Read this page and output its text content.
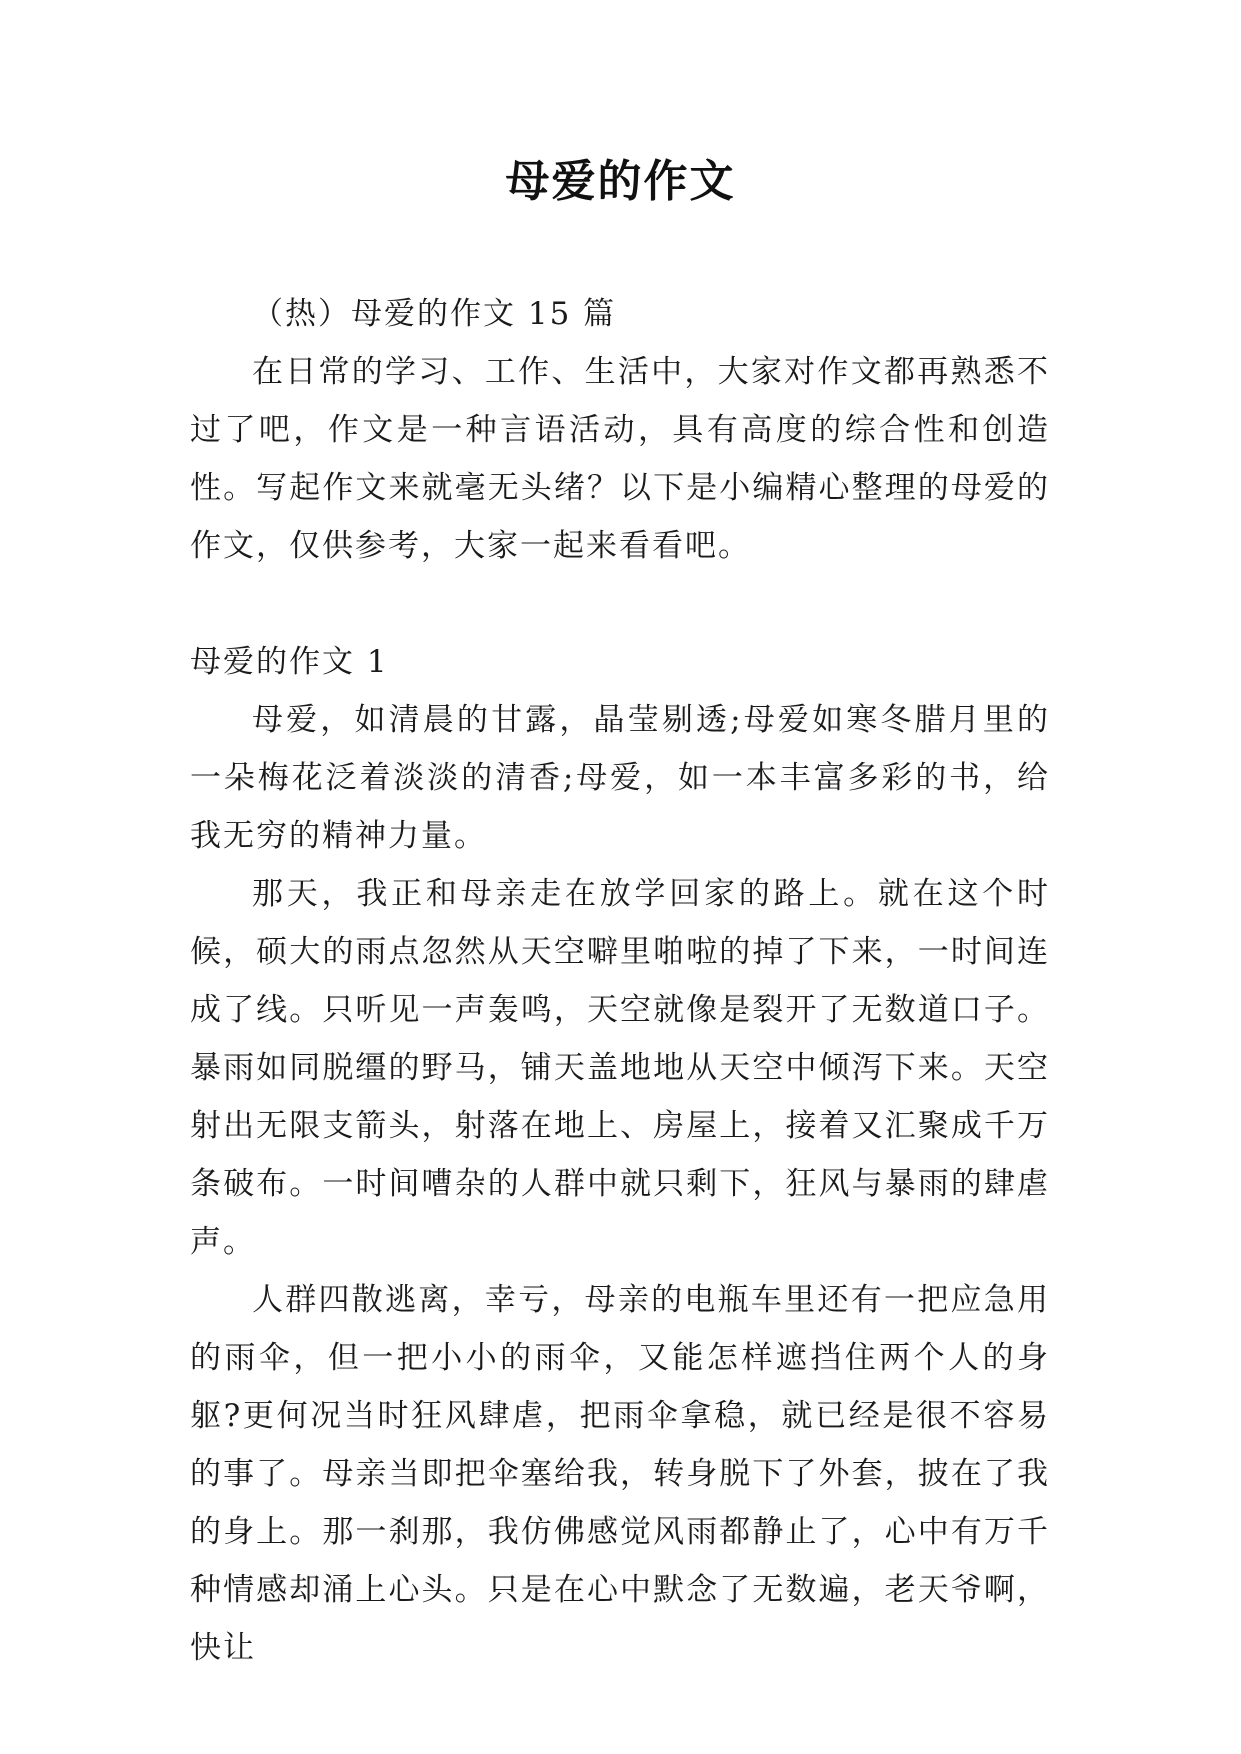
母爱的作文

（热）母爱的作文 15 篇

在日常的学习、工作、生活中，大家对作文都再熟悉不过了吧，作文是一种言语活动，具有高度的综合性和创造性。写起作文来就毫无头绪？以下是小编精心整理的母爱的作文，仅供参考，大家一起来看看吧。

母爱的作文 1

母爱，如清晨的甘露，晶莹剔透;母爱如寒冬腊月里的一朵梅花泛着淡淡的清香;母爱，如一本丰富多彩的书，给我无穷的精神力量。

那天，我正和母亲走在放学回家的路上。就在这个时候，硕大的雨点忽然从天空噼里啪啦的掉了下来，一时间连成了线。只听见一声轰鸣，天空就像是裂开了无数道口子。暴雨如同脱缰的野马，铺天盖地地从天空中倾泻下来。天空射出无限支箭头，射落在地上、房屋上，接着又汇聚成千万条破布。一时间嘈杂的人群中就只剩下，狂风与暴雨的肆虐声。

人群四散逃离，幸亏，母亲的电瓶车里还有一把应急用的雨伞，但一把小小的雨伞，又能怎样遮挡住两个人的身躯?更何况当时狂风肆虐，把雨伞拿稳，就已经是很不容易的事了。母亲当即把伞塞给我，转身脱下了外套，披在了我的身上。那一刹那，我仿佛感觉风雨都静止了，心中有万千种情感却涌上心头。只是在心中默念了无数遍，老天爷啊，快让
